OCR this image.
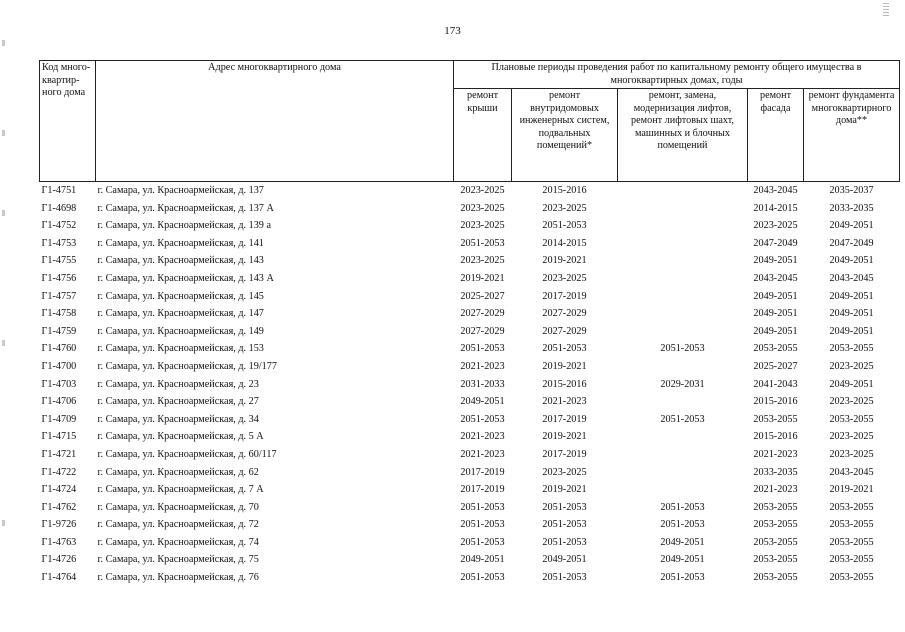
173
Код много-квартир-ного дома	Адрес многоквартирного дома	Плановые периоды проведения работ по капитальному ремонту общего имущества в многоквартирных домах, годы				
		ремонт крыши	ремонт внутридомовых инженерных систем, подвальных помещений*	ремонт, замена, модернизация лифтов, ремонт лифтовых шахт, машинных и блочных помещений	ремонт фасада	ремонт фундамента многоквартирного дома**
Г1-4751	г. Самара, ул. Красноармейская, д. 137	2023-2025	2015-2016		2043-2045	2035-2037
Г1-4698	г. Самара, ул. Красноармейская, д. 137 А	2023-2025	2023-2025		2014-2015	2033-2035
Г1-4752	г. Самара, ул. Красноармейская, д. 139 а	2023-2025	2051-2053		2023-2025	2049-2051
Г1-4753	г. Самара, ул. Красноармейская, д. 141	2051-2053	2014-2015		2047-2049	2047-2049
Г1-4755	г. Самара, ул. Красноармейская, д. 143	2023-2025	2019-2021		2049-2051	2049-2051
Г1-4756	г. Самара, ул. Красноармейская, д. 143 А	2019-2021	2023-2025		2043-2045	2043-2045
Г1-4757	г. Самара, ул. Красноармейская, д. 145	2025-2027	2017-2019		2049-2051	2049-2051
Г1-4758	г. Самара, ул. Красноармейская, д. 147	2027-2029	2027-2029		2049-2051	2049-2051
Г1-4759	г. Самара, ул. Красноармейская, д. 149	2027-2029	2027-2029		2049-2051	2049-2051
Г1-4760	г. Самара, ул. Красноармейская, д. 153	2051-2053	2051-2053	2051-2053	2053-2055	2053-2055
Г1-4700	г. Самара, ул. Красноармейская, д. 19/177	2021-2023	2019-2021		2025-2027	2023-2025
Г1-4703	г. Самара, ул. Красноармейская, д. 23	2031-2033	2015-2016	2029-2031	2041-2043	2049-2051
Г1-4706	г. Самара, ул. Красноармейская, д. 27	2049-2051	2021-2023		2015-2016	2023-2025
Г1-4709	г. Самара, ул. Красноармейская, д. 34	2051-2053	2017-2019	2051-2053	2053-2055	2053-2055
Г1-4715	г. Самара, ул. Красноармейская, д. 5 А	2021-2023	2019-2021		2015-2016	2023-2025
Г1-4721	г. Самара, ул. Красноармейская, д. 60/117	2021-2023	2017-2019		2021-2023	2023-2025
Г1-4722	г. Самара, ул. Красноармейская, д. 62	2017-2019	2023-2025		2033-2035	2043-2045
Г1-4724	г. Самара, ул. Красноармейская, д. 7 А	2017-2019	2019-2021		2021-2023	2019-2021
Г1-4762	г. Самара, ул. Красноармейская, д. 70	2051-2053	2051-2053	2051-2053	2053-2055	2053-2055
Г1-9726	г. Самара, ул. Красноармейская, д. 72	2051-2053	2051-2053	2051-2053	2053-2055	2053-2055
Г1-4763	г. Самара, ул. Красноармейская, д. 74	2051-2053	2051-2053	2049-2051	2053-2055	2053-2055
Г1-4726	г. Самара, ул. Красноармейская, д. 75	2049-2051	2049-2051	2049-2051	2053-2055	2053-2055
Г1-4764	г. Самара, ул. Красноармейская, д. 76	2051-2053	2051-2053	2051-2053	2053-2055	2053-2055
